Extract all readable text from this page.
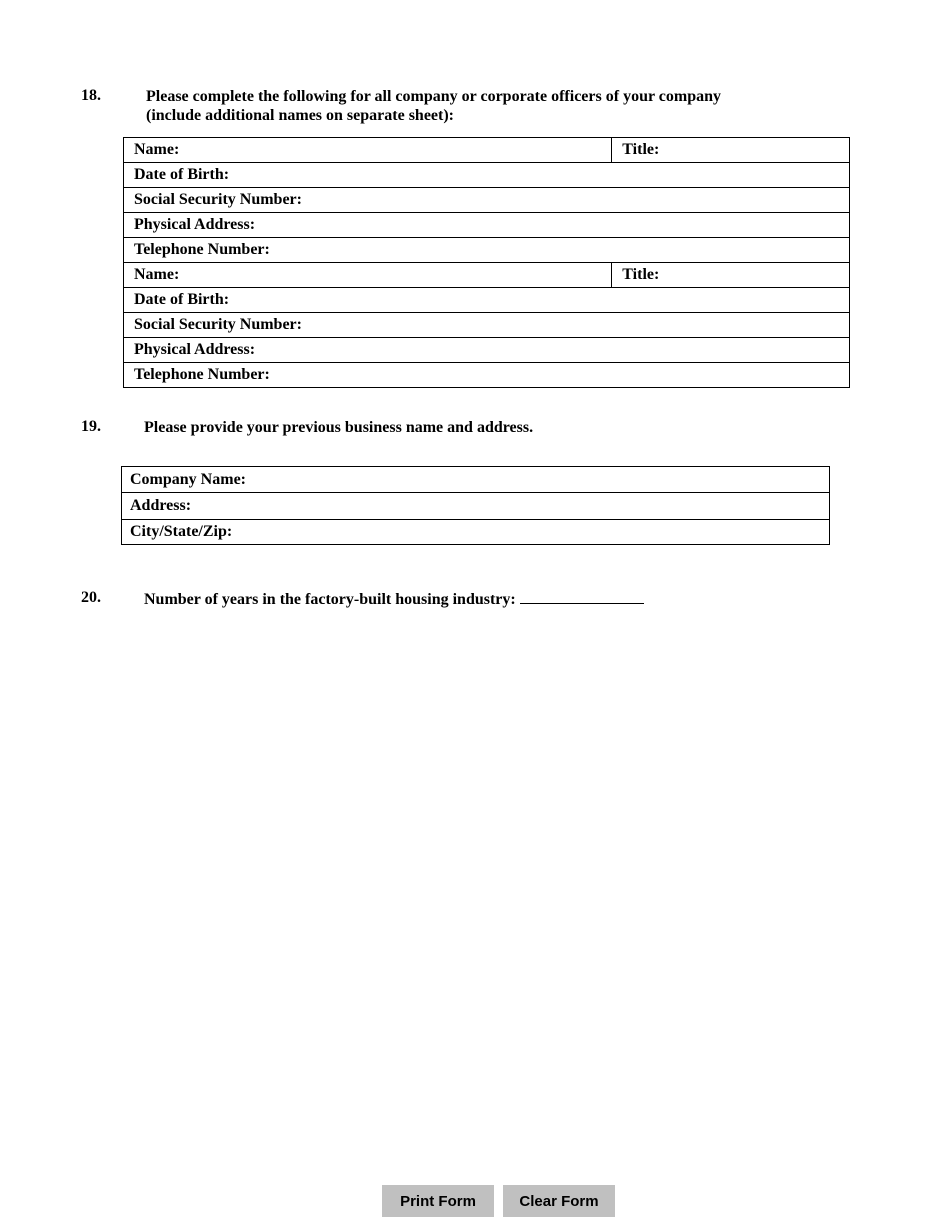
18.	Please complete the following for all company or corporate officers of your company
(include additional names on separate sheet):
Name:	Title:
Date of Birth:	
Social Security Number:	
Physical Address:	
Telephone Number:	
Name:	Title:
Date of Birth:	
Social Security Number:	
Physical Address:	
Telephone Number:	
19.	Please provide your previous business name and address.
Company Name:
Address:
City/State/Zip:
20.	Number of years in the factory-built housing industry:
Print Form	Clear Form
